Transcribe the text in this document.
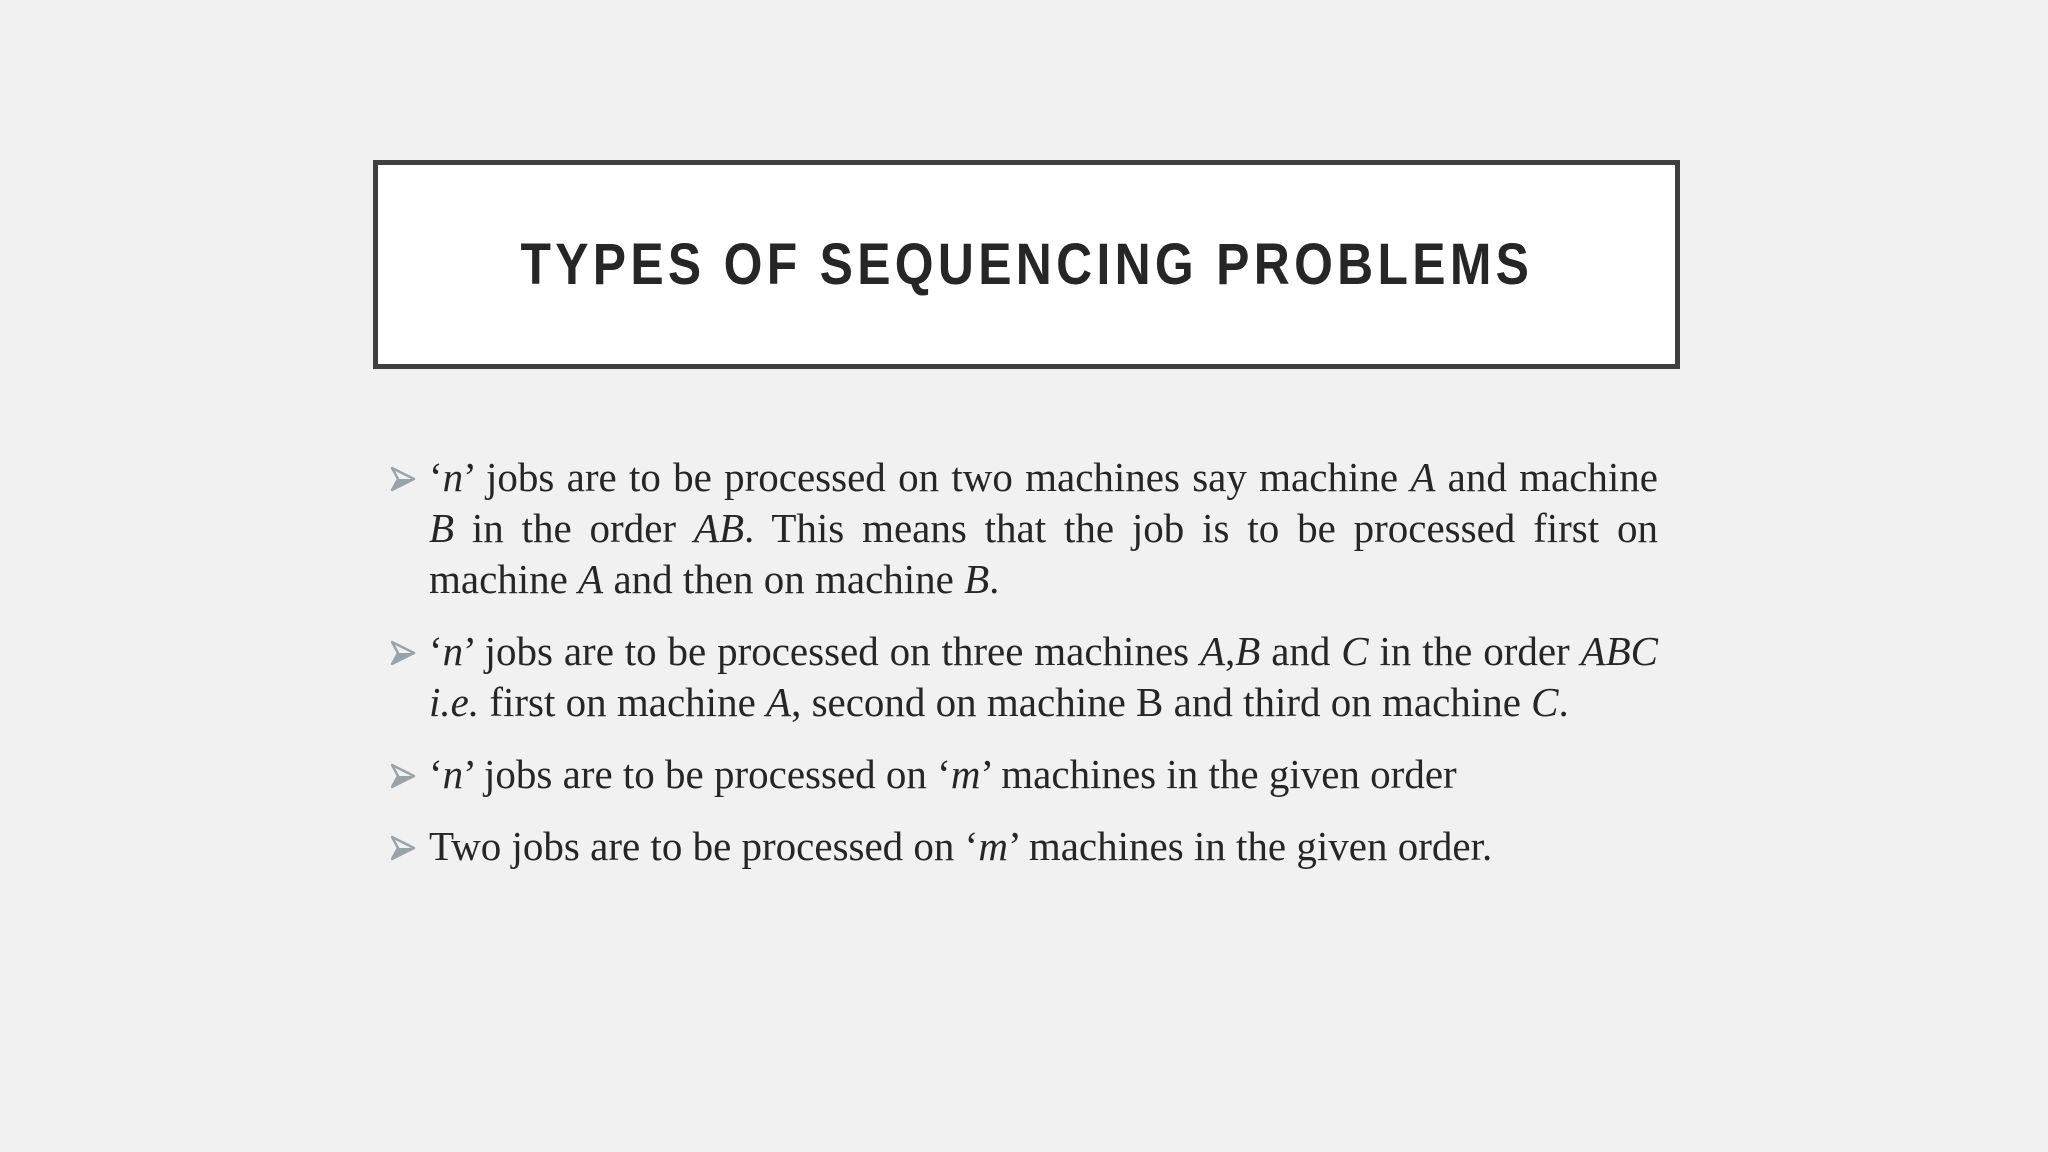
TYPES OF SEQUENCING PROBLEMS
‘n’ jobs are to be processed on two machines say machine A and machine B in the order AB. This means that the job is to be processed first on machine A and then on machine B.
‘n’ jobs are to be processed on three machines A,B and C in the order ABC i.e. first on machine A, second on machine B and third on machine C.
‘n’ jobs are to be processed on ‘m’ machines in the given order
Two jobs are to be processed on ‘m’ machines in the given order.
